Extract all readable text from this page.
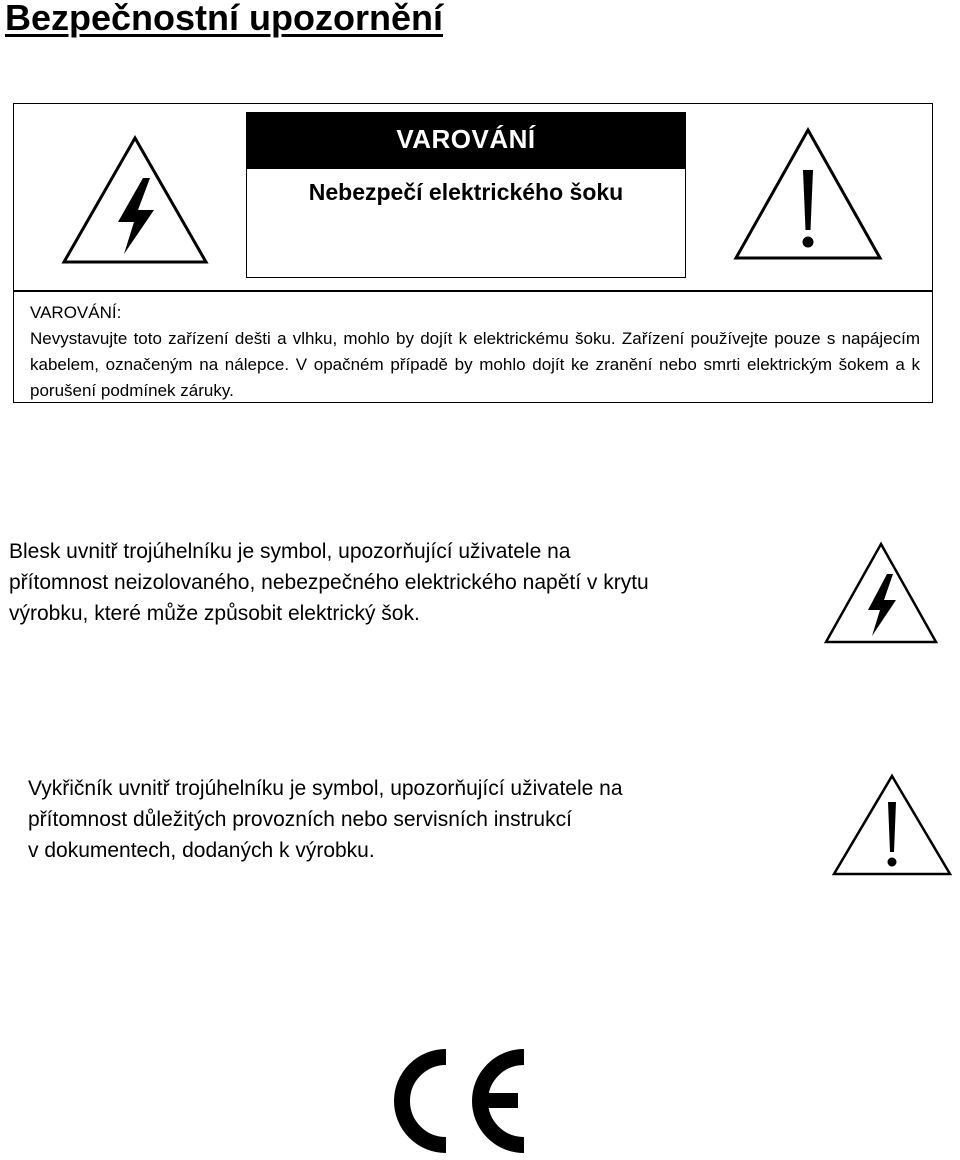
Bezpečnostní upozornění
VAROVÁNÍ
Nebezpečí elektrického šoku

VAROVÁNÍ:

Nevystavujte toto zařízení dešti a vlhku, mohlo by dojít k elektrickému šoku. Zařízení používejte pouze s napájecím kabelem, označeným na nálepce. V opačném případě by mohlo dojít ke zranění nebo smrti elektrickým šokem a k porušení podmínek záruky.

Blesk uvnitř trojúhelníku je symbol, upozorňující uživatele na
přítomnost neizolovaného, nebezpečného elektrického napětí v krytu
výrobku, které může způsobit elektrický šok.

Vykřičník uvnitř trojúhelníku je symbol, upozorňující uživatele na
přítomnost důležitých provozních nebo servisních instrukcí
v dokumentech, dodaných k výrobku.
